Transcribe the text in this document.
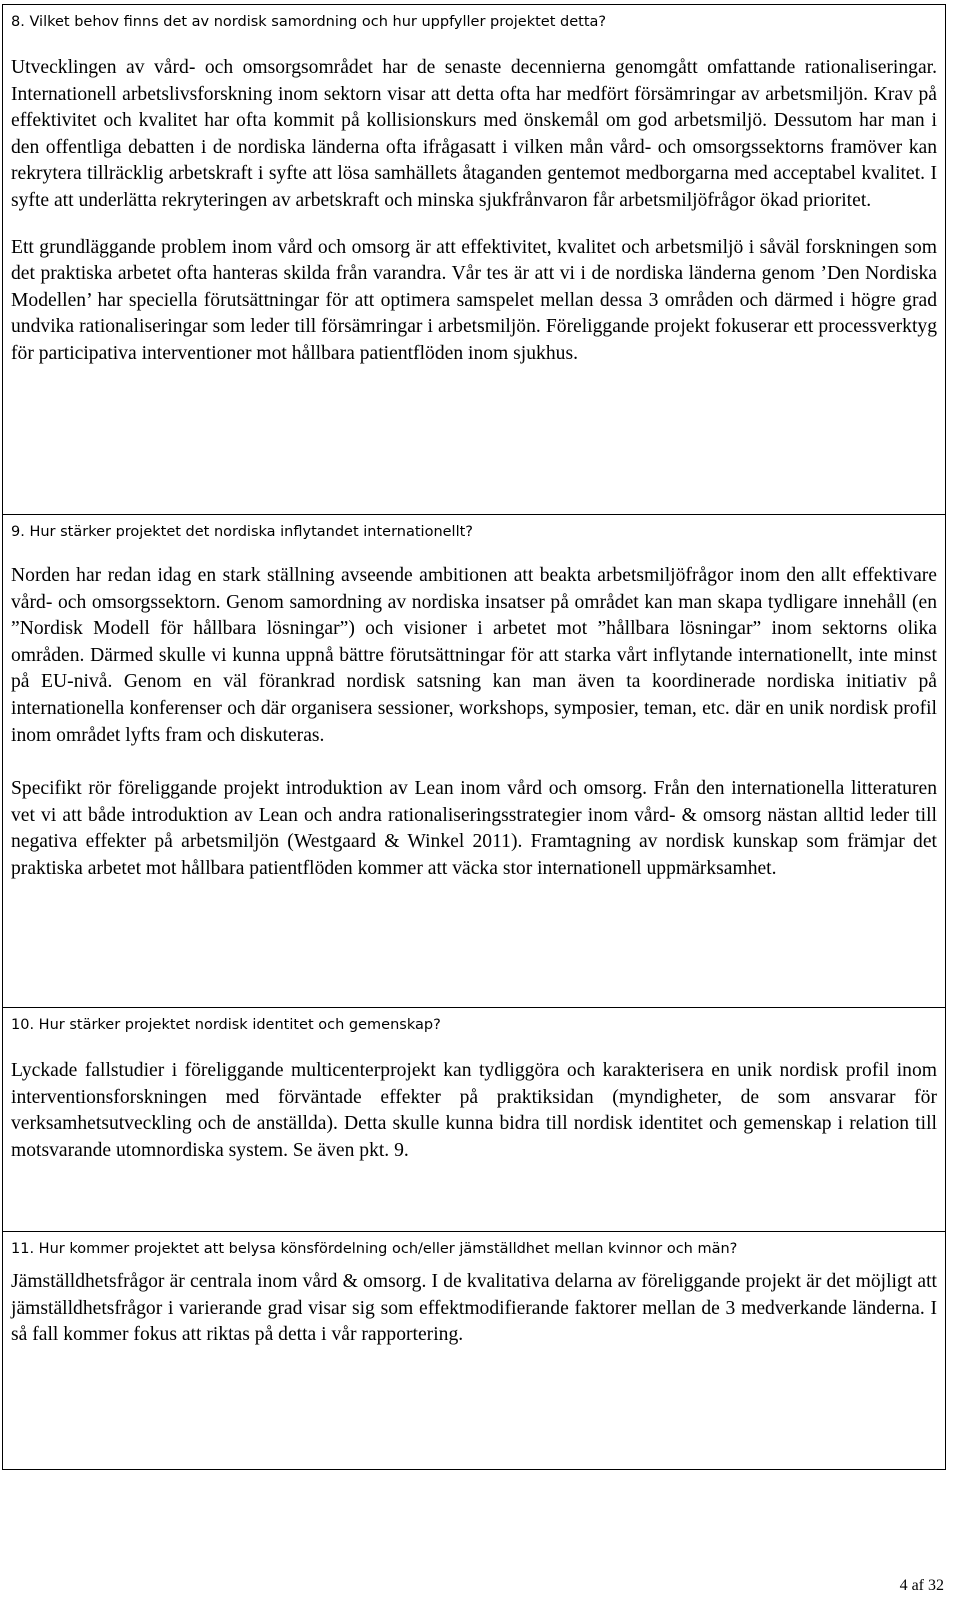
8. Vilket behov finns det av nordisk samordning och hur uppfyller projektet detta?

Utvecklingen av vård- och omsorgsområdet har de senaste decennierna genomgått omfattande rationaliseringar. Internationell arbetslivsforskning inom sektorn visar att detta ofta har medfört försämringar av arbetsmiljön. Krav på effektivitet och kvalitet har ofta kommit på kollisionskurs med önskemål om god arbetsmiljö. Dessutom har man i den offentliga debatten i de nordiska länderna ofta ifrågasatt i vilken mån vård- och omsorgssektorns framöver kan rekrytera tillräcklig arbetskraft i syfte att lösa samhällets åtaganden gentemot medborgarna med acceptabel kvalitet. I syfte att underlätta rekryteringen av arbetskraft och minska sjukfrånvaron får arbetsmiljöfrågor ökad prioritet.

Ett grundläggande problem inom vård och omsorg är att effektivitet, kvalitet och arbetsmiljö i såväl forskningen som det praktiska arbetet ofta hanteras skilda från varandra. Vår tes är att vi i de nordiska länderna genom ’Den Nordiska Modellen’ har speciella förutsättningar för att optimera samspelet mellan dessa 3 områden och därmed i högre grad undvika rationaliseringar som leder till försämringar i arbetsmiljön. Föreliggande projekt fokuserar ett processverktyg för participativa interventioner mot hållbara patientflöden inom sjukhus.

9. Hur stärker projektet det nordiska inflytandet internationellt?

Norden har redan idag en stark ställning avseende ambitionen att beakta arbetsmiljöfrågor inom den allt effektivare vård- och omsorgssektorn. Genom samordning av nordiska insatser på området kan man skapa tydligare innehåll (en ”Nordisk Modell för hållbara lösningar”) och visioner i arbetet mot ”hållbara lösningar” inom sektorns olika områden. Därmed skulle vi kunna uppnå bättre förutsättningar för att starka vårt inflytande internationellt, inte minst på EU-nivå. Genom en väl förankrad nordisk satsning kan man även ta koordinerade nordiska initiativ på internationella konferenser och där organisera sessioner, workshops, symposier, teman, etc. där en unik nordisk profil inom området lyfts fram och diskuteras.

Specifikt rör föreliggande projekt introduktion av Lean inom vård och omsorg. Från den internationella litteraturen vet vi att både introduktion av Lean och andra rationaliseringsstrategier inom vård- & omsorg nästan alltid leder till negativa effekter på arbetsmiljön (Westgaard & Winkel 2011). Framtagning av nordisk kunskap som främjar det praktiska arbetet mot hållbara patientflöden kommer att väcka stor internationell uppmärksamhet.

10. Hur stärker projektet nordisk identitet och gemenskap?

Lyckade fallstudier i föreliggande multicenterprojekt kan tydliggöra och karakterisera en unik nordisk profil inom interventionsforskningen med förväntade effekter på praktiksidan (myndigheter, de som ansvarar för verksamhetsutveckling och de anställda). Detta skulle kunna bidra till nordisk identitet och gemenskap i relation till motsvarande utomnordiska system. Se även pkt. 9.

11. Hur kommer projektet att belysa könsfördelning och/eller jämställdhet mellan kvinnor och män?

Jämställdhetsfrågor är centrala inom vård & omsorg. I de kvalitativa delarna av föreliggande projekt är det möjligt att jämställdhetsfrågor i varierande grad visar sig som effektmodifierande faktorer mellan de 3 medverkande länderna. I så fall kommer fokus att riktas på detta i vår rapportering.

4 af 32
